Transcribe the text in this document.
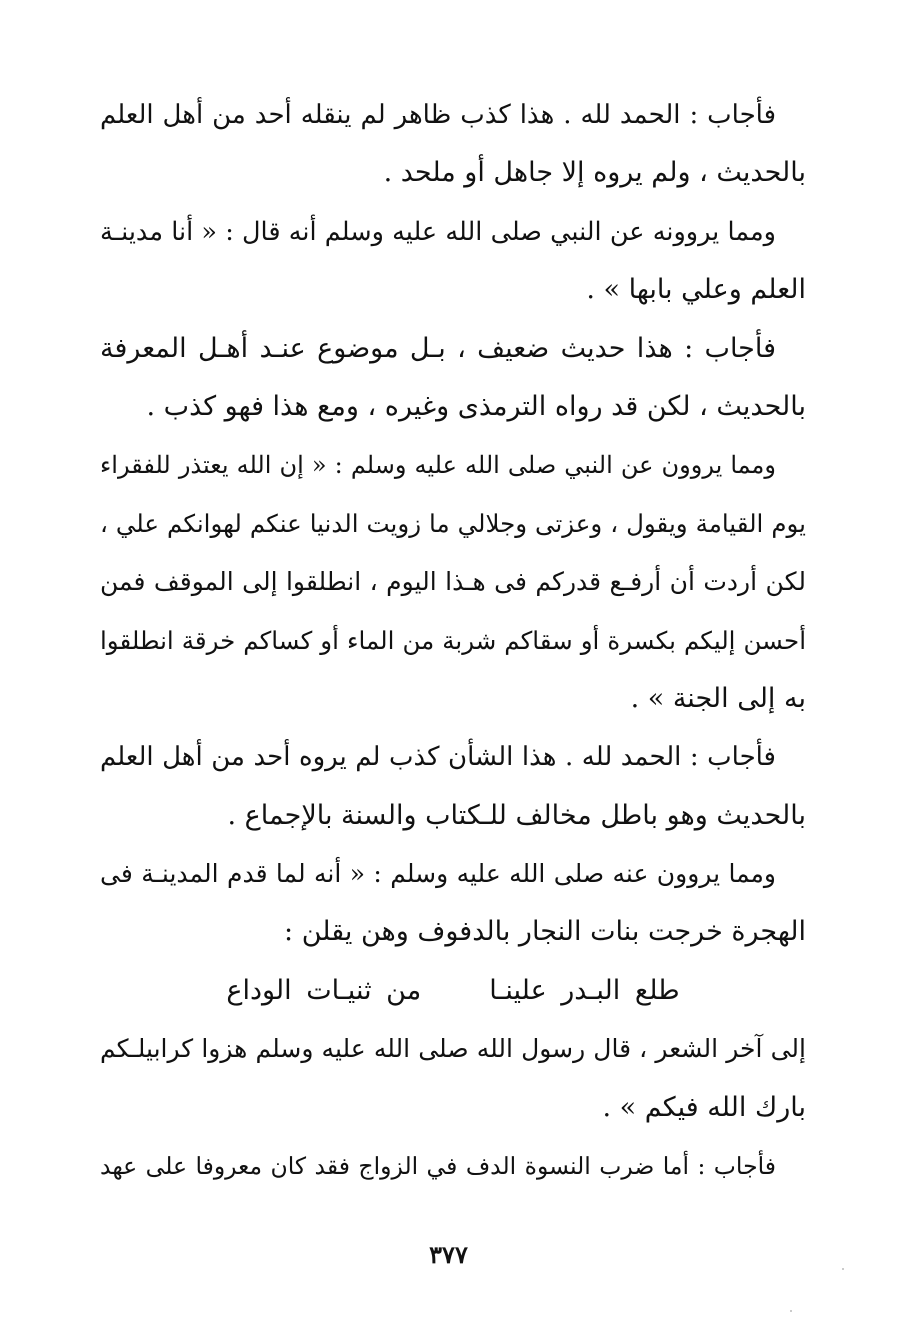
فأجاب : الحمد لله . هذا كذب ظاهر لم ينقله أحد من أهل العلم
بالحديث ، ولم يروه إلا جاهل أو ملحد .
ومما يروونه عن النبي صلى الله عليه وسلم أنه قال : « أنا مدينـة
العلم وعلي بابها » .
فأجاب : هذا حديث ضعيف ، بـل موضوع عنـد أهـل المعرفة
بالحديث ، لكن قد رواه الترمذى وغيره ، ومع هذا فهو كذب .
ومما يروون عن النبي صلى الله عليه وسلم : « إن الله يعتذر للفقراء
يوم القيامة ويقول ، وعزتى وجلالي ما زويت الدنيا عنكم لهوانكم علي ،
لكن أردت أن أرفـع قدركم فى هـذا اليوم ، انطلقوا إلى الموقف فمن
أحسن إليكم بكسرة أو سقاكم شربة من الماء أو كساكم خرقة انطلقوا
به إلى الجنة » .
فأجاب : الحمد لله . هذا الشأن كذب لم يروه أحد من أهل العلم
بالحديث وهو باطل مخالف للـكتاب والسنة بالإجماع .
ومما يروون عنه صلى الله عليه وسلم : « أنه لما قدم المدينـة فى
الهجرة خرجت بنات النجار بالدفوف وهن يقلن :
طلع البـدر علينـامن ثنيـات الوداع
إلى آخر الشعر ، قال رسول الله صلى الله عليه وسلم هزوا كرابيلـكم
بارك الله فيكم » .
فأجاب : أما ضرب النسوة الدف في الزواج فقد كان معروفا على عهد
٣٧٧
